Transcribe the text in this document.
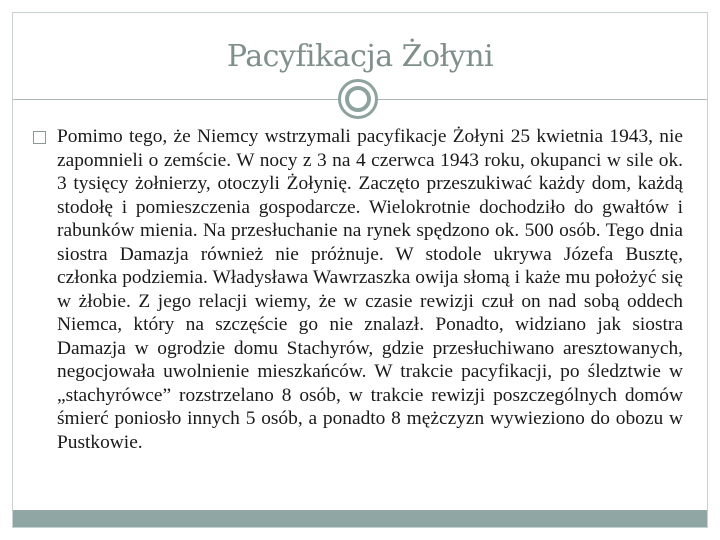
Pacyfikacja Żołyni

Pomimo tego, że Niemcy wstrzymali pacyfikacje Żołyni 25 kwietnia 1943, nie zapomnieli o zemście. W nocy z 3 na 4 czerwca 1943 roku, okupanci w sile ok. 3 tysięcy żołnierzy, otoczyli Żołynię. Zaczęto przeszukiwać każdy dom, każdą stodołę i pomieszczenia gospodarcze. Wielokrotnie dochodziło do gwałtów i rabunków mienia. Na przesłuchanie na rynek spędzono ok. 500 osób. Tego dnia siostra Damazja również nie próżnuje. W stodole ukrywa Józefa Busztę, członka podziemia. Władysława Wawrzaszka owija słomą i każe mu położyć się w żłobie. Z jego relacji wiemy, że w czasie rewizji czuł on nad sobą oddech Niemca, który na szczęście go nie znalazł. Ponadto, widziano jak siostra Damazja w ogrodzie domu Stachyrów, gdzie przesłuchiwano aresztowanych, negocjowała uwolnienie mieszkańców. W trakcie pacyfikacji, po śledztwie w „stachyrówce” rozstrzelano 8 osób, w trakcie rewizji poszczególnych domów śmierć poniosło innych 5 osób, a ponadto 8 mężczyzn wywieziono do obozu w Pustkowie.
